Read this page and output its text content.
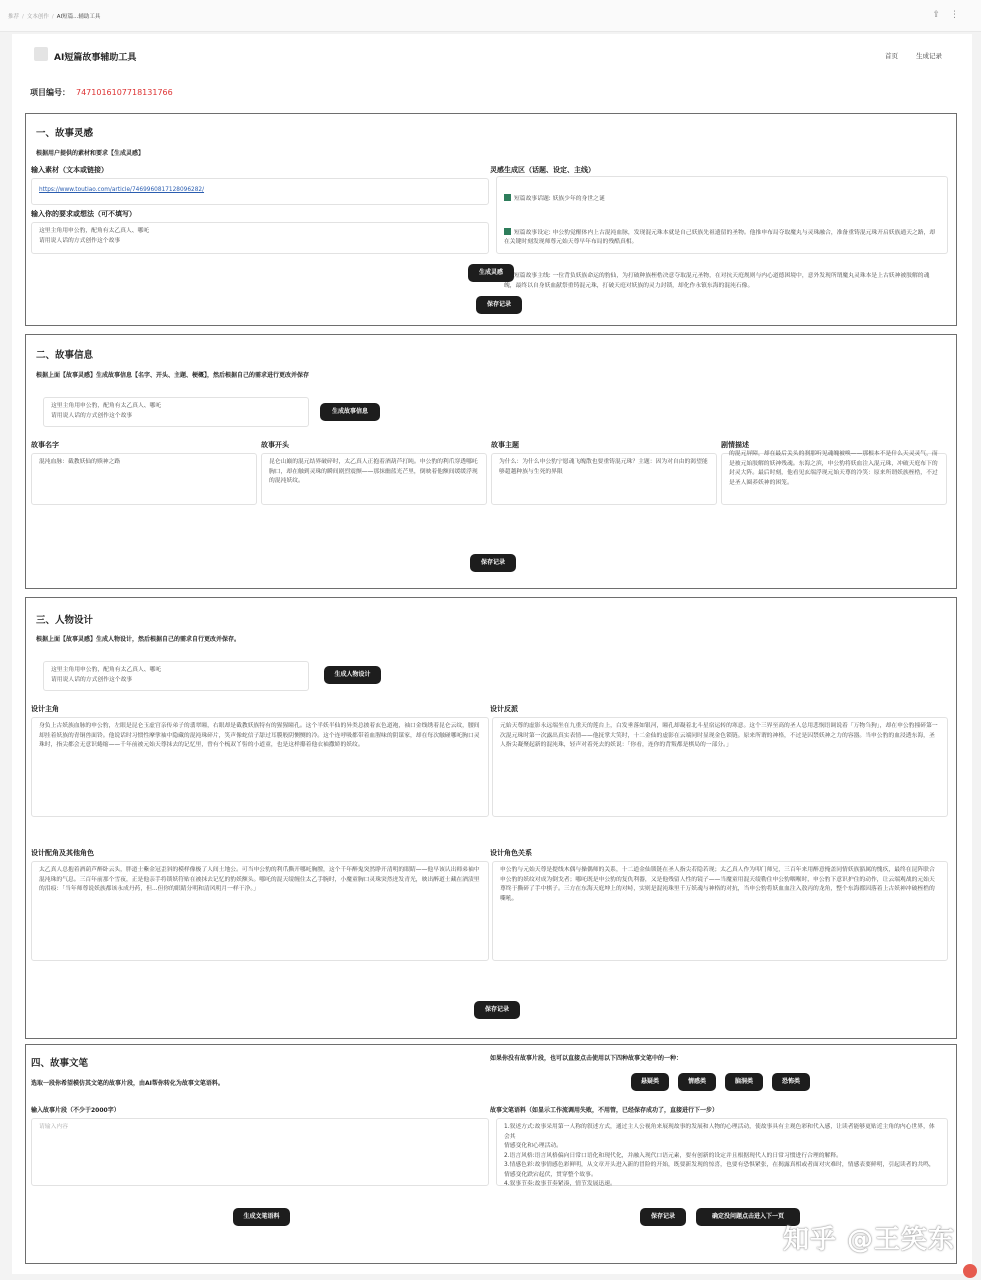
推荐 / 文本创作 / AI短篇...辅助工具	⇪ ⋮
AI短篇故事辅助工具	首页	生成记录
项目编号： 7471016107718131766
一、故事灵感
根据用户提供的素材和要求【生成灵感】
输入素材（文本或链接）
https://www.toutiao.com/article/7469960817128096282/
输入你的要求或想法（可不填写）
这里主角用申公豹，配角有太乙真人、哪吒
请用说人话的方式创作这个故事
灵感生成区（话题、设定、主线）

短篇故事话题: 妖族少年的身世之谜

短篇故事设定: 申公豹觉醒体内上古混沌血脉，发现混元珠本就是自己妖族先祖遗留的圣物。他推申布局夺取魔丸与灵珠融合，准备重铸混元珠开启妖族通天之路，却在关键时刻发现师尊元始天尊早年布局的残酷真相。

短篇故事主线: 一位背负妖族命运的豹仙，为打破种族桎梏决意夺取混元圣物，在对抗天庭规则与内心道德困境中，意外发现所谓魔丸灵珠本是上古妖神被肢解的魂魄，最终以自身妖血献祭重铸混元珠，打破天庭对妖族的灵力封锁，却化作永镇东海的混沌石像。

生成灵感
保存记录
二、故事信息
根据上面【故事灵感】生成故事信息【名字、开头、主题、梗概】，然后根据自己的需求进行更改并保存
这里主角用申公豹，配角有太乙真人、哪吒
请用说人话的方式创作这个故事
生成故事信息
故事名字
混沌血脉：截教妖仙的赎神之路
故事开头
昆仑山巅的混元结界破碎时，太乙真人正抱着酒葫芦打盹。申公豹的利爪穿透哪吒胸口，却在触到灵珠的瞬间剧烈震颤——那抹幽蓝光芒里，倒映着他额间缓缓浮现的混沌妖纹。
故事主题
为什么：为什么申公豹宁愿魂飞魄散也要重铸混元珠？主题：因为对自由的渴望能够超越种族与生死的界限
剧情描述
的混元屏障，却在最后关头的刹那听见魂魄被唤——那根本不是什么天灵灵气，而是被元始肢解的妖神残魂。东海之滨，申公豹将妖血注入混元珠，冲破天庭布下的封灵大阵。最后时刻，他看见玄端浮现元始天尊的冷笑：原来所谓妖族桎梏，不过是圣人圈养妖神的困笼。
保存记录
三、人物设计
根据上面【故事灵感】生成人物设计，然后根据自己的需求自行更改并保存。
这里主角用申公豹，配角有太乙真人、哪吒
请用说人话的方式创作这个故事
生成人物设计
设计主角
身负上古妖族血脉的申公豹，左眼是昆仑玉虚宫亲传弟子的翡翠瞳，右眼却是截教妖族特有的猩猩瞳孔。这个半妖半仙的异类总披着玄色道袍，袖口金线绣着昆仑云纹，腰间却挂着妖族的青铜兽面铃。他说话时习惯性摩挲袖中隐藏的混沌珠碎片，笑声像蛇信子舔过耳膜般阴恻恻的冷。这个连呼吸都带着血腥味的阴谋家，却在每次触碰哪吒胸口灵珠时，指尖都会无意识蜷缩——千年前被元始天尊抹去的记忆里，曾有个梳双丫髻的小道童，也是这样攥着他衣袖撒娇的妖纹。
设计反派
元始天尊的虚影永远端坐在九重天的莲台上，白发垂落如银河，瞳孔却凝着北斗星宿运转的寒意。这个三界至高的圣人总用悲悯语调说着「万物刍狗」，却在申公豹撞碎第一次混元珠时第一次露出真实表情——他抚掌大笑时，十二金仙的虚影在云端同时显现金色锁链。原来所谓的神格，不过是囚禁妖神之力的容器。当申公豹的血浸透东海，圣人指尖凝聚起新的混沌珠，轻声对着死去的妖说：「你看，连你的背叛都是棋局的一部分。」
设计配角及其他角色
太乙真人总抱着酒葫芦醉卧云头，胖道士紫金冠歪斜的模样像极了人间土地公。可当申公豹的利爪撕开哪吒胸膛，这个千年醉鬼突然睁开清明的眼睛——他早该认出师弟袖中混沌珠的气息。三百年前那个雪夜，正是他亲手将锁妖符贴在被抹去记忆的豹妖额头。哪吒的混天绫缠住太乙手腕时，小魔童胸口灵珠突然迸发青光，映出醉道士藏在酒渍里的泪痕：「当年师尊说妖族都该永成丹药，但...但你的眼睛分明和清风明月一样干净。」
设计角色关系
申公豹与元始天尊是提线木偶与操偶师的关系，十二道金仙锁链在圣人指尖若隐若现；太乙真人作为叩门师兄，三百年来用醉意掩盖同情妖族豁属的愧疚，最终在昆阵联合申公豹的妖纹对成为倒戈者；哪吒既是申公豹的复仇利器，又是他残留人性的镜子——当魔童用混天绫勒住申公豹咽喉时，申公豹下意识护住的动作，让云端观战的元始天尊终于撕碎了手中棋子。三方在东海天庭坤上的对峙，实则是混沌珠里千万妖魂与神格的对抗，当申公豹将妖血血注入敖丙的龙角，整个东海都因落着上古妖神冲破桎梏的嘶吼。
保存记录
四、故事文笔
选取一段你希望模仿其文笔的故事片段，由AI帮你转化为故事文笔语料。
输入故事片段（不少于2000字）
请输入内容
生成文笔语料
如果你没有故事片段，也可以直接点击使用以下四种故事文笔中的一种：
悬疑类	情感类	脑洞类	恐怖类
故事文笔语料（如显示工作流调用失败，不用管，已经保存成功了，直接进行下一步）
1.叙述方式:故事采用第一人称的叙述方式，通过主人公视角来展现故事的发展和人物的心理活动，使故事具有主观色彩和代入感，让读者能够更贴近主角的内心世界，体会其
情感变化和心理活动。
2.语言风格:语言风格偏向日常口语化和现代化，并融入现代口语元素，要有创新的设定并且根据现代人的日常习惯进行合理的解释。
3.情感色彩:故事情感色彩鲜明，从文章开头进入新的冒险的开始，既要新发现的惊喜，也要有恐惧紧张，在揭露真相或者面对灾难时，情感表要鲜明，引起读者的共鸣，情感变化跌宕起伏，贯穿整个故事。
4.叙事节奏:故事节奏紧凑，情节发展迅速。
保存记录	确定没问题点击进入下一页
知乎 @王笑东
